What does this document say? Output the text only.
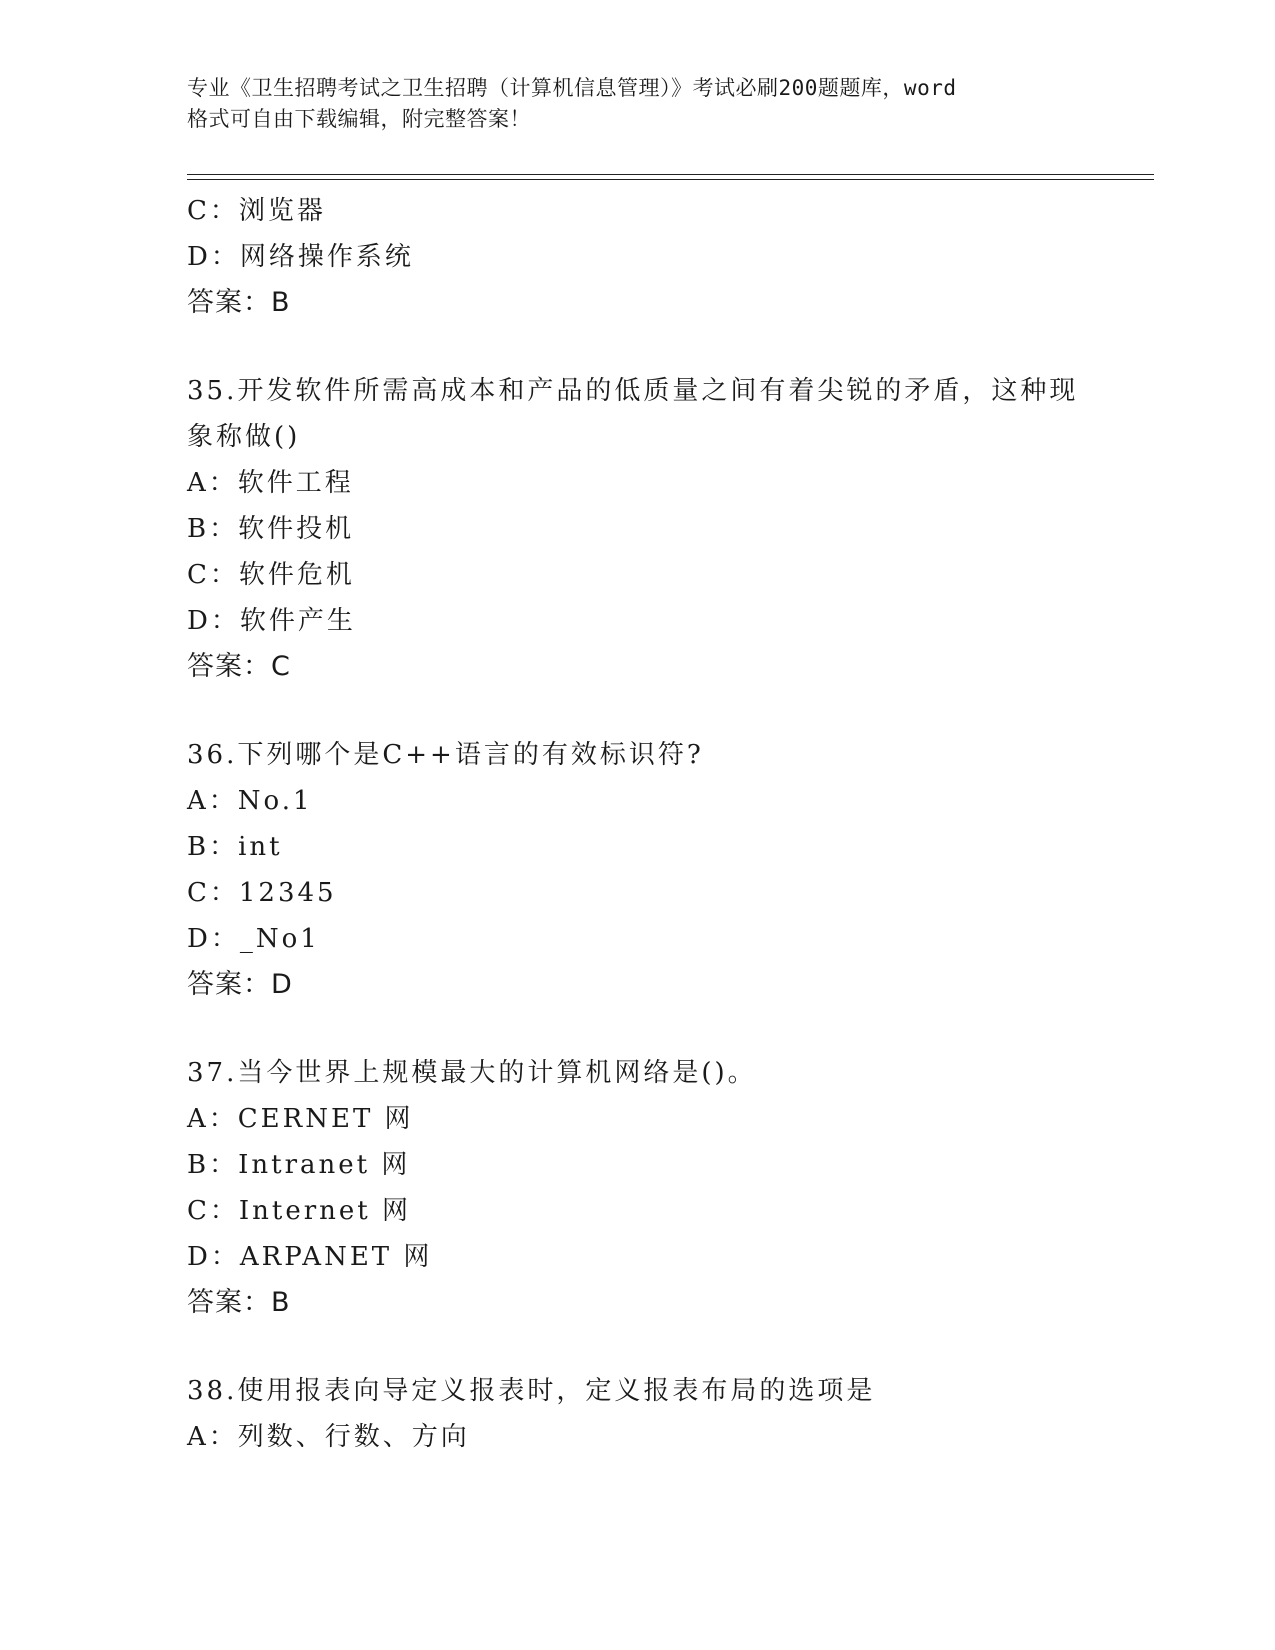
专业《卫生招聘考试之卫生招聘（计算机信息管理）》考试必刷200题题库，word
格式可自由下载编辑，附完整答案！
C：浏览器
D：网络操作系统
答案：B
35.开发软件所需高成本和产品的低质量之间有着尖锐的矛盾，这种现
象称做()
A：软件工程
B：软件投机
C：软件危机
D：软件产生
答案：C
36.下列哪个是C++语言的有效标识符?
A：No.1
B：int
C：12345
D：_No1
答案：D
37.当今世界上规模最大的计算机网络是()。
A：CERNET 网
B：Intranet 网
C：Internet 网
D：ARPANET 网
答案：B
38.使用报表向导定义报表时，定义报表布局的选项是
A：列数、行数、方向
